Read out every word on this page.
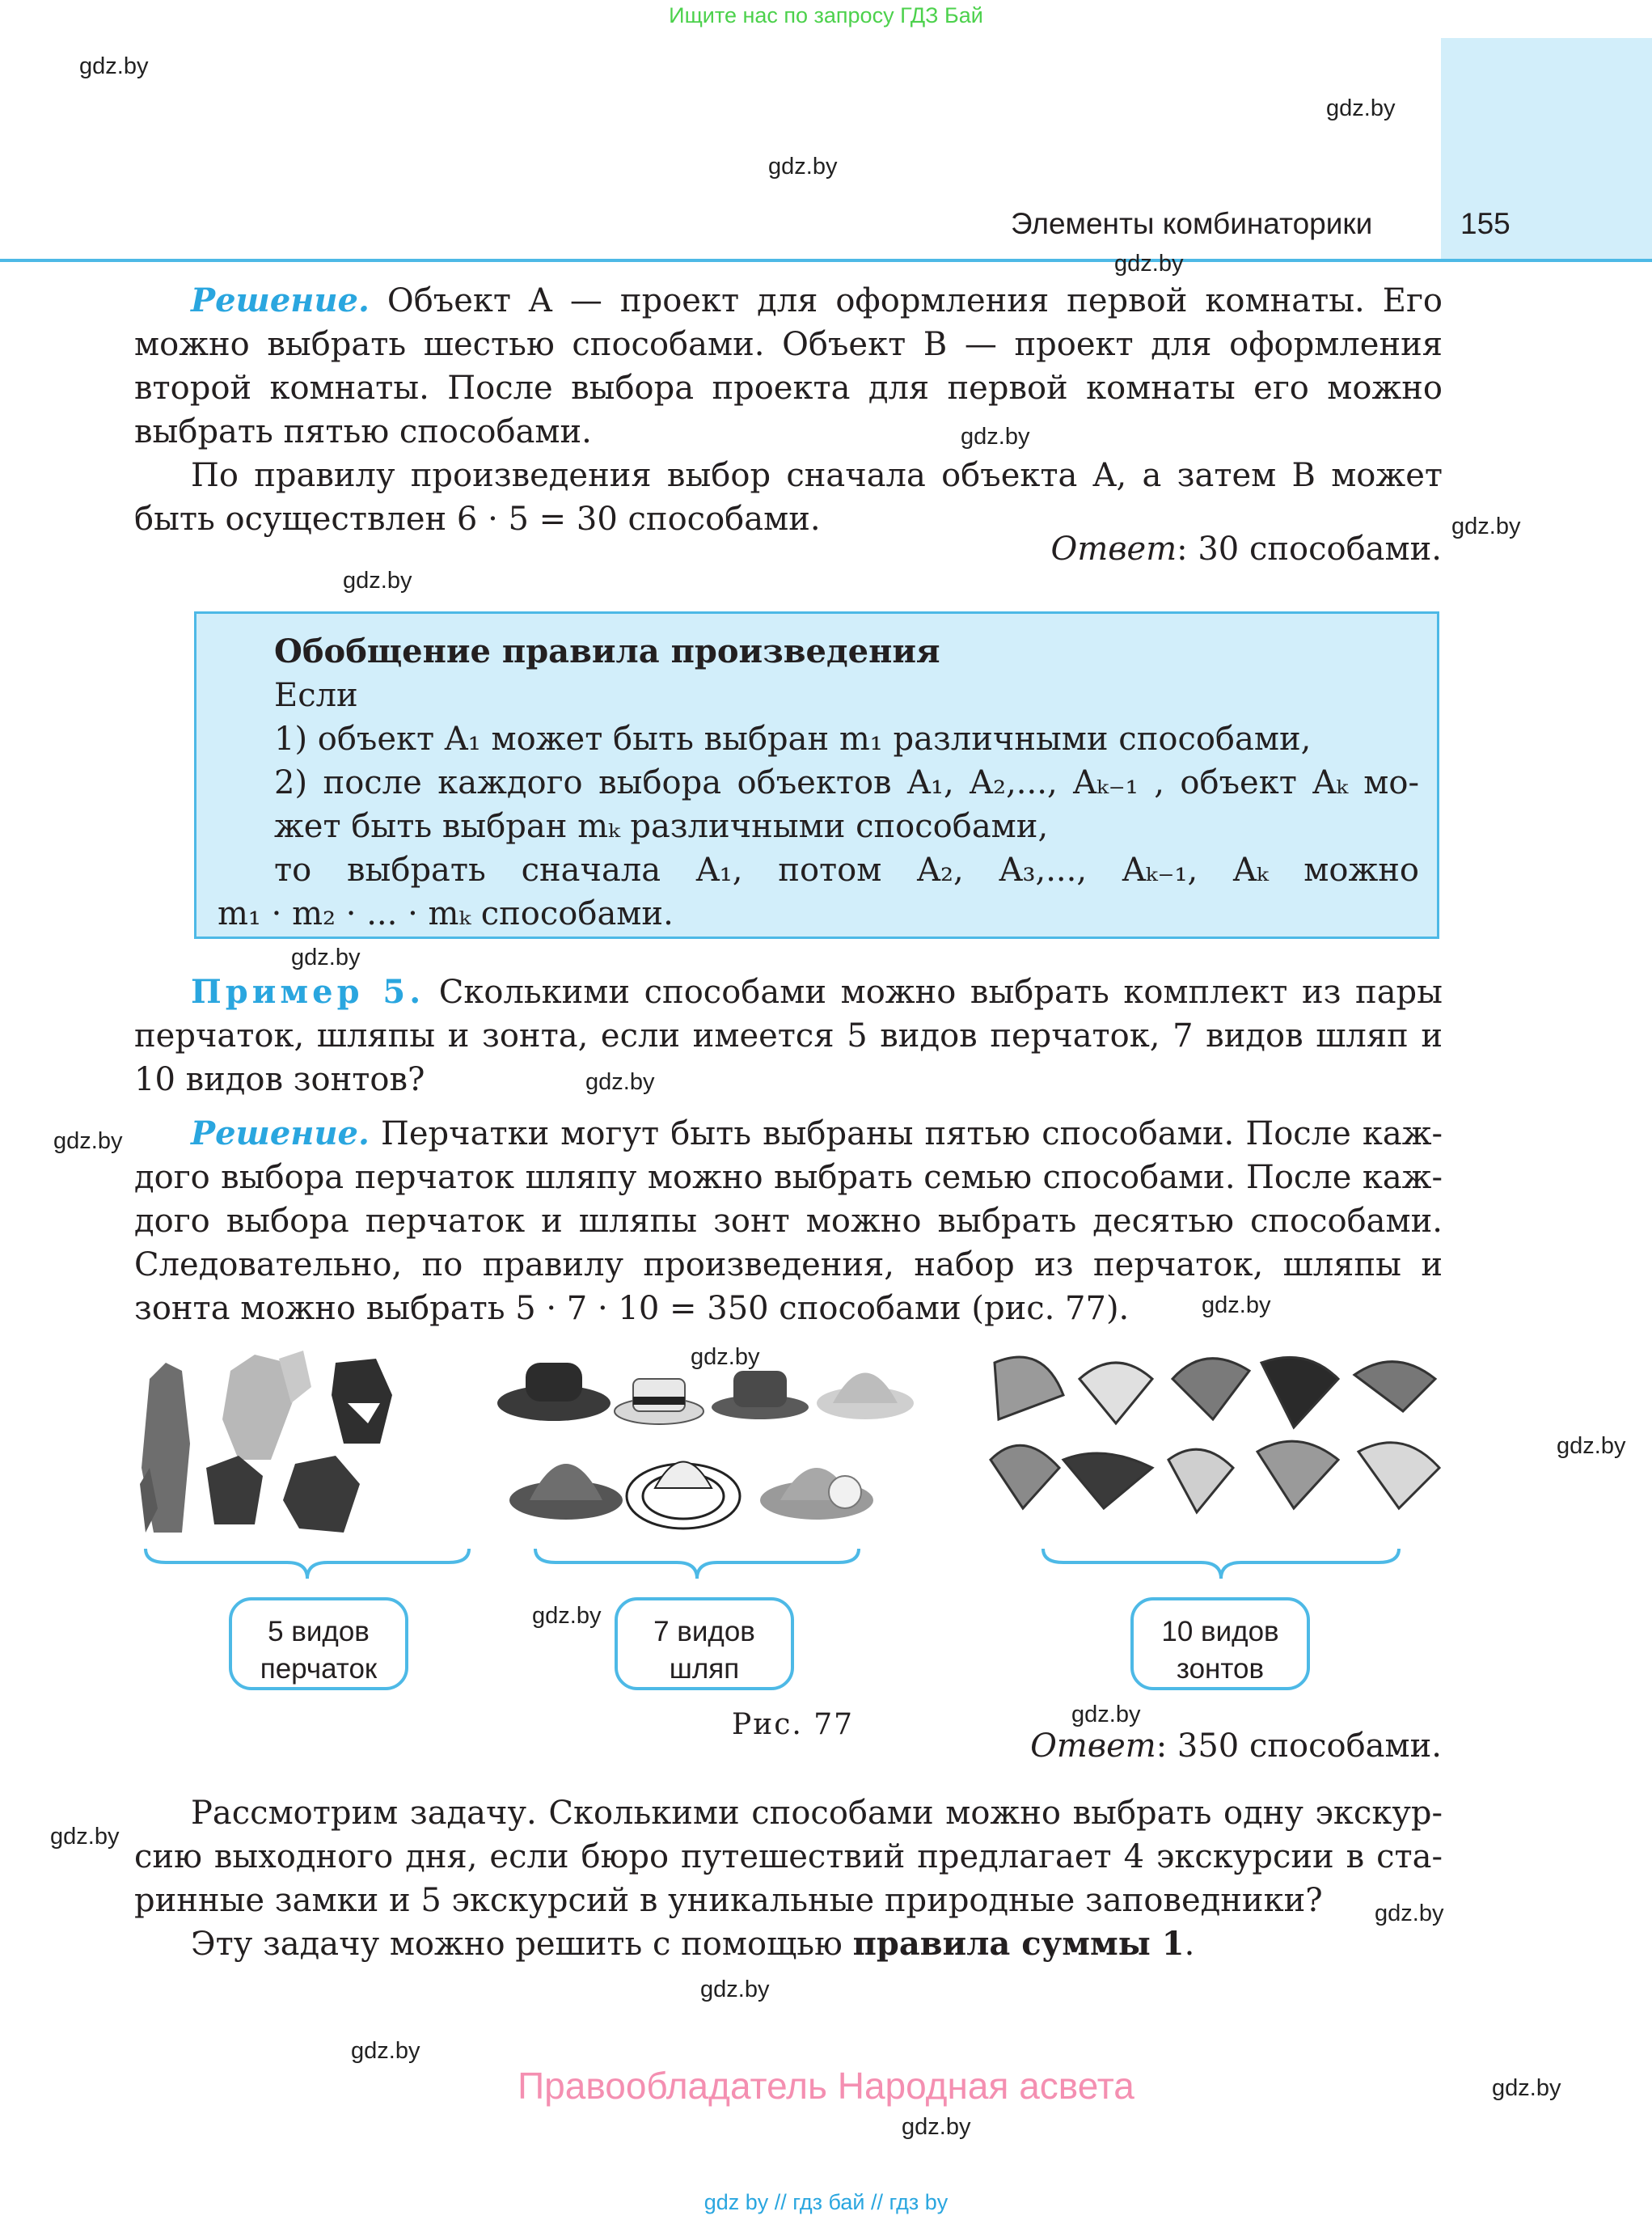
Ищите нас по запросу ГДЗ Бай
Элементы комбинаторики	155
gdz.by
gdz.by
gdz.by
gdz.by
gdz.by
gdz.by
gdz.by
gdz.by
gdz.by
gdz.by
gdz.by
gdz.by
gdz.by
gdz.by
gdz.by
gdz.by
gdz.by
gdz.by
gdz.by
gdz.by
gdz.by
Решение. Объект A — проект для оформления первой комнаты. Его
можно выбрать шестью способами. Объект B — проект для оформления
второй комнаты. После выбора проекта для первой комнаты его можно
выбрать пятью способами.
По правилу произведения выбор сначала объекта A, а затем B может
быть осуществлен 6 · 5 = 30 способами.
Ответ: 30 способами.
Обобщение правила произведения
Если
1) объект A₁ может быть выбран m₁ различными способами,
2) после каждого выбора объектов A₁, A₂,..., Aₖ₋₁ , объект Aₖ мо-
жет быть выбран mₖ различными способами,
то выбрать сначала A₁, потом A₂, A₃,..., Aₖ₋₁, Aₖ можно
m₁ · m₂ · ... · mₖ способами.
Пример 5. Сколькими способами можно выбрать комплект из пары
перчаток, шляпы и зонта, если имеется 5 видов перчаток, 7 видов шляп и
10 видов зонтов?
Решение. Перчатки могут быть выбраны пятью способами. После каж-
дого выбора перчаток шляпу можно выбрать семью способами. После каж-
дого выбора перчаток и шляпы зонт можно выбрать десятью способами.
Следовательно, по правилу произведения, набор из перчаток, шляпы и
зонта можно выбрать 5 · 7 · 10 = 350 способами (рис. 77).
5 видов
перчаток
7 видов
шляп
10 видов
зонтов
Рис. 77
Ответ: 350 способами.
Рассмотрим задачу. Сколькими способами можно выбрать одну экскур-
сию выходного дня, если бюро путешествий предлагает 4 экскурсии в ста-
ринные замки и 5 экскурсий в уникальные природные заповедники?
Эту задачу можно решить с помощью правила суммы 1.
Правообладатель Народная асвета
gdz by // гдз бай // гдз by
